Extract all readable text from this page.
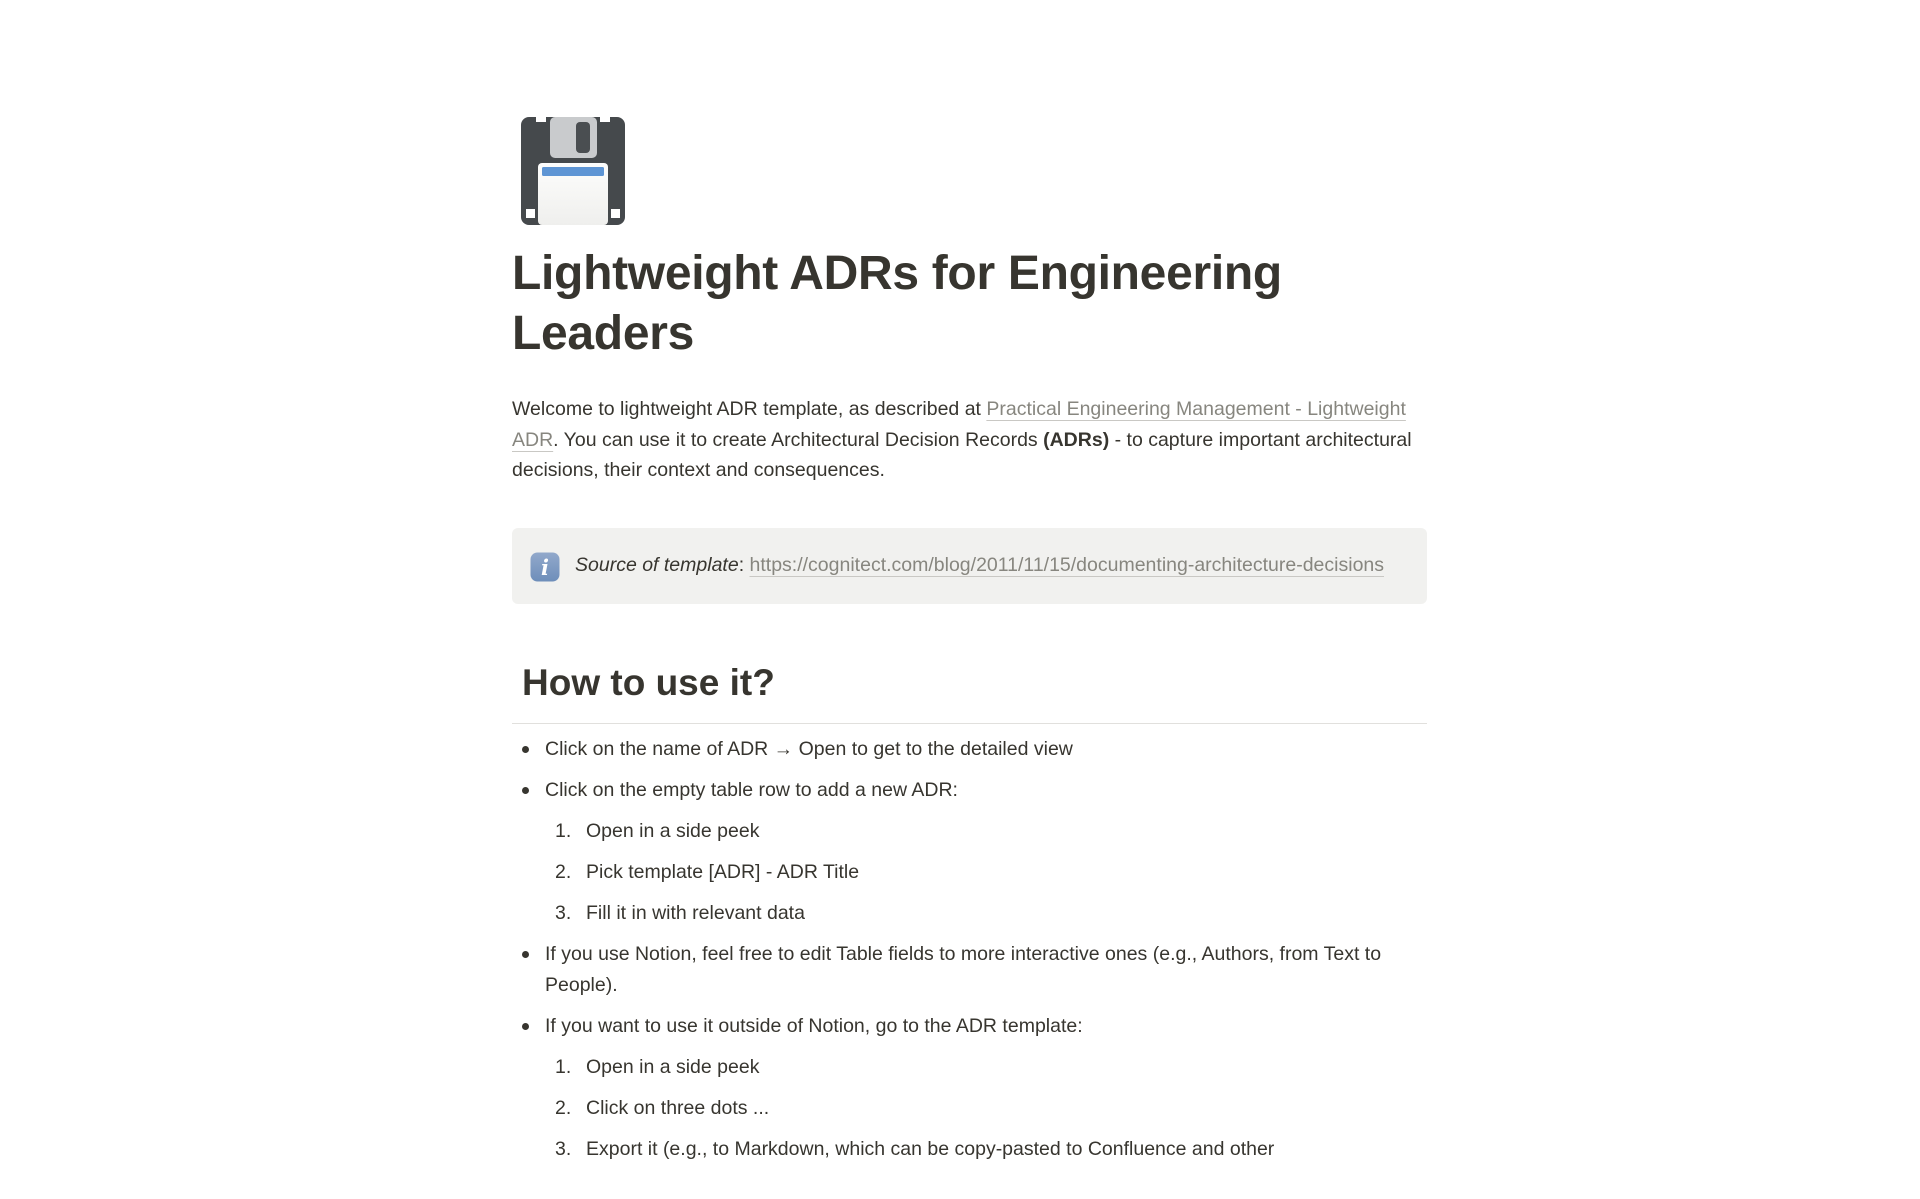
Lightweight ADRs for Engineering Leaders

Welcome to lightweight ADR template, as described at Practical Engineering Management - Lightweight ADR. You can use it to create Architectural Decision Records (ADRs) - to capture important architectural decisions, their context and consequences.

i Source of template: https://cognitect.com/blog/2011/11/15/documenting-architecture-decisions
How to use it?
Click on the name of ADR → Open to get to the detailed view
Click on the empty table row to add a new ADR:
1. Open in a side peek
2. Pick template [ADR] - ADR Title
3. Fill it in with relevant data
If you use Notion, feel free to edit Table fields to more interactive ones (e.g., Authors, from Text to People).
If you want to use it outside of Notion, go to the ADR template:
1. Open in a side peek
2. Click on three dots ...
3. Export it (e.g., to Markdown, which can be copy-pasted to Confluence and other
